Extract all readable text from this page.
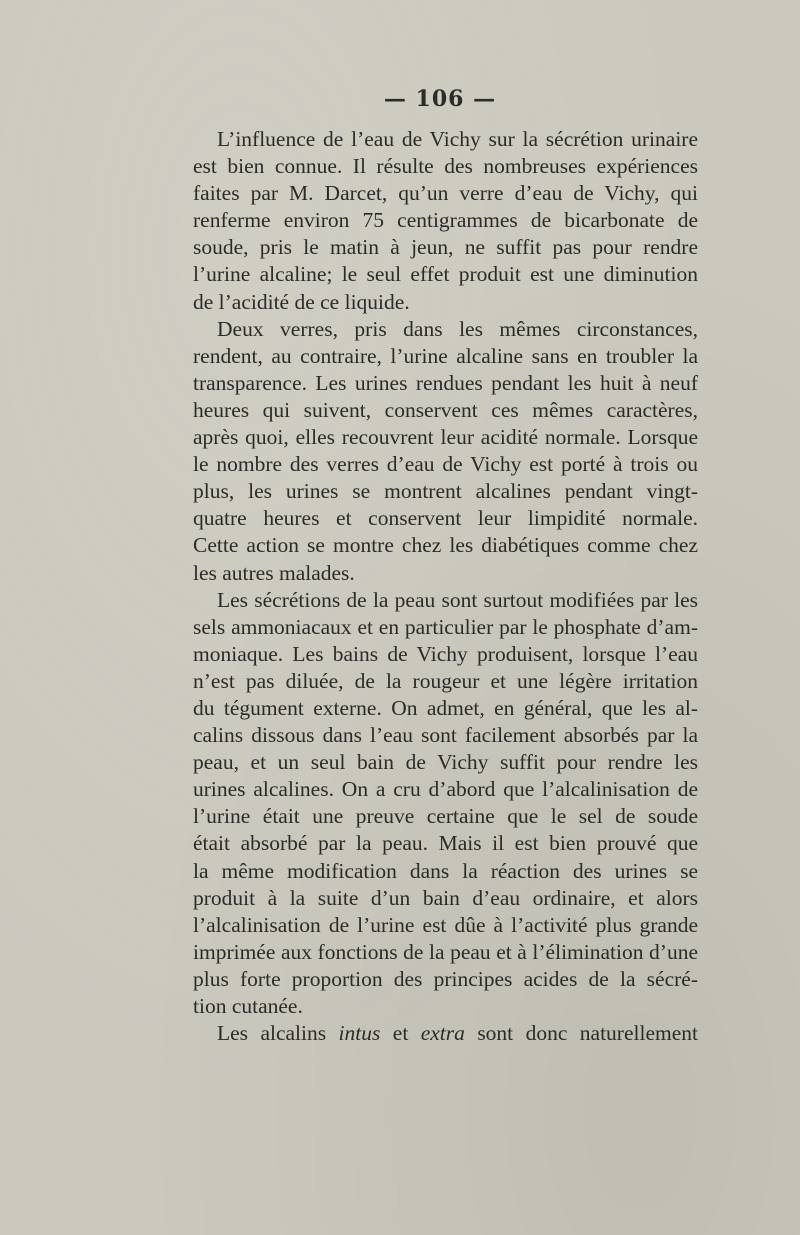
— 106 —
L’influence de l’eau de Vichy sur la sécrétion urinaire
est bien connue. Il résulte des nombreuses expériences
faites par M. Darcet, qu’un verre d’eau de Vichy, qui
renferme environ 75 centigrammes de bicarbonate de
soude, pris le matin à jeun, ne suffit pas pour rendre
l’urine alcaline; le seul effet produit est une diminution
de l’acidité de ce liquide.
Deux verres, pris dans les mêmes circonstances,
rendent, au contraire, l’urine alcaline sans en troubler la
transparence. Les urines rendues pendant les huit à neuf
heures qui suivent, conservent ces mêmes caractères,
après quoi, elles recouvrent leur acidité normale. Lorsque
le nombre des verres d’eau de Vichy est porté à trois ou
plus, les urines se montrent alcalines pendant vingt-
quatre heures et conservent leur limpidité normale.
Cette action se montre chez les diabétiques comme chez
les autres malades.
Les sécrétions de la peau sont surtout modifiées par les
sels ammoniacaux et en particulier par le phosphate d’am-
moniaque. Les bains de Vichy produisent, lorsque l’eau
n’est pas diluée, de la rougeur et une légère irritation
du tégument externe. On admet, en général, que les al-
calins dissous dans l’eau sont facilement absorbés par la
peau, et un seul bain de Vichy suffit pour rendre les
urines alcalines. On a cru d’abord que l’alcalinisation de
l’urine était une preuve certaine que le sel de soude
était absorbé par la peau. Mais il est bien prouvé que
la même modification dans la réaction des urines se
produit à la suite d’un bain d’eau ordinaire, et alors
l’alcalinisation de l’urine est dûe à l’activité plus grande
imprimée aux fonctions de la peau et à l’élimination d’une
plus forte proportion des principes acides de la sécré-
tion cutanée.
Les alcalins intus et extra sont donc naturellement
